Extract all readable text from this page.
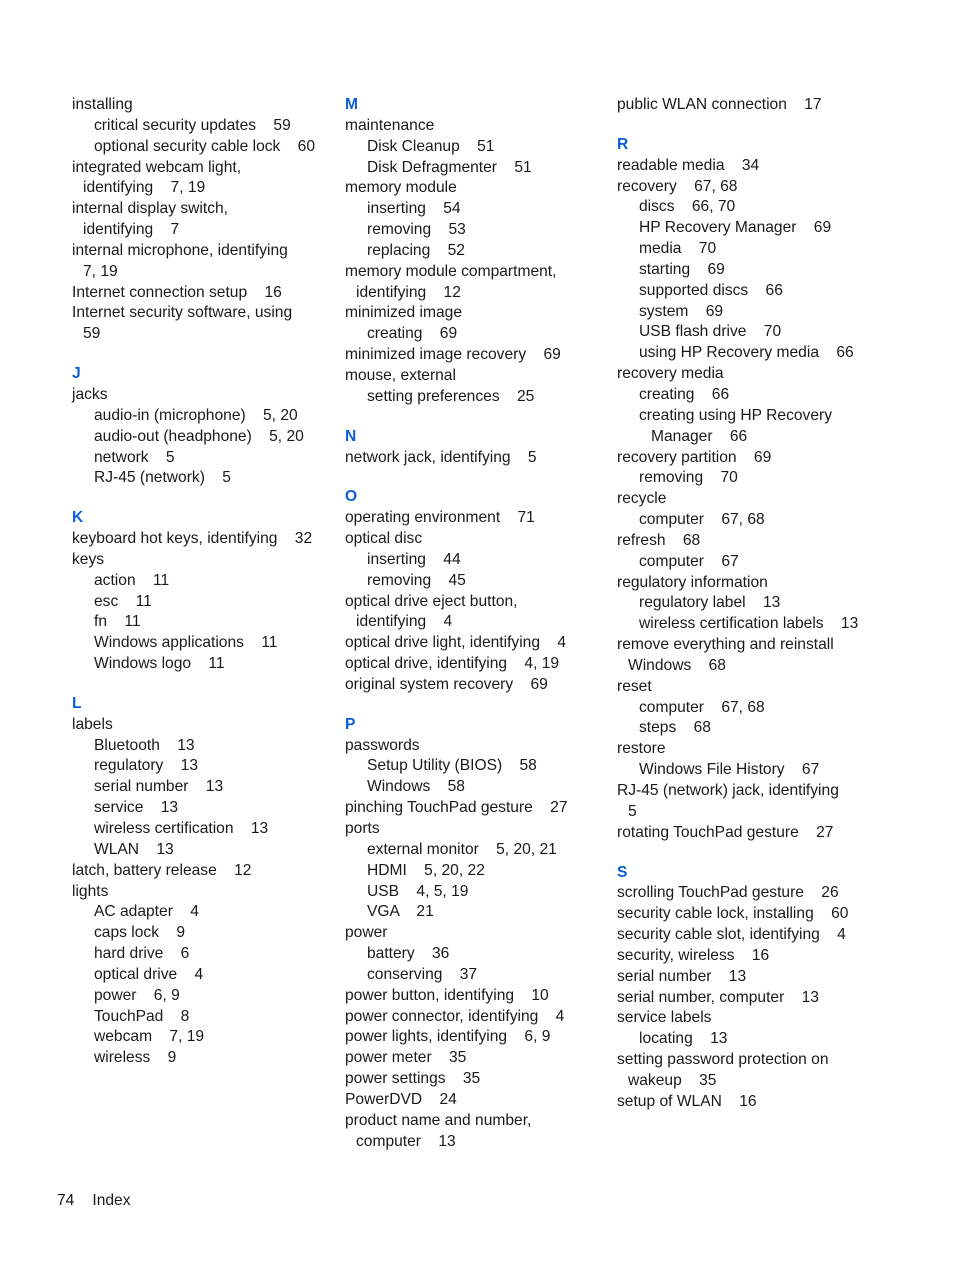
installing
critical security updates    59
optional security cable lock    60
integrated webcam light,
identifying    7, 19
internal display switch,
identifying    7
internal microphone, identifying
7, 19
Internet connection setup    16
Internet security software, using
59
J
jacks
audio-in (microphone)    5, 20
audio-out (headphone)    5, 20
network    5
RJ-45 (network)    5
K
keyboard hot keys, identifying    32
keys
action    11
esc    11
fn    11
Windows applications    11
Windows logo    11
L
labels
Bluetooth    13
regulatory    13
serial number    13
service    13
wireless certification    13
WLAN    13
latch, battery release    12
lights
AC adapter    4
caps lock    9
hard drive    6
optical drive    4
power    6, 9
TouchPad    8
webcam    7, 19
wireless    9
M
maintenance
Disk Cleanup    51
Disk Defragmenter    51
memory module
inserting    54
removing    53
replacing    52
memory module compartment,
identifying    12
minimized image
creating    69
minimized image recovery    69
mouse, external
setting preferences    25
N
network jack, identifying    5
O
operating environment    71
optical disc
inserting    44
removing    45
optical drive eject button,
identifying    4
optical drive light, identifying    4
optical drive, identifying    4, 19
original system recovery    69
P
passwords
Setup Utility (BIOS)    58
Windows    58
pinching TouchPad gesture    27
ports
external monitor    5, 20, 21
HDMI    5, 20, 22
USB    4, 5, 19
VGA    21
power
battery    36
conserving    37
power button, identifying    10
power connector, identifying    4
power lights, identifying    6, 9
power meter    35
power settings    35
PowerDVD    24
product name and number,
computer    13
public WLAN connection    17
R
readable media    34
recovery    67, 68
discs    66, 70
HP Recovery Manager    69
media    70
starting    69
supported discs    66
system    69
USB flash drive    70
using HP Recovery media    66
recovery media
creating    66
creating using HP Recovery
Manager    66
recovery partition    69
removing    70
recycle
computer    67, 68
refresh    68
computer    67
regulatory information
regulatory label    13
wireless certification labels    13
remove everything and reinstall
Windows    68
reset
computer    67, 68
steps    68
restore
Windows File History    67
RJ-45 (network) jack, identifying
5
rotating TouchPad gesture    27
S
scrolling TouchPad gesture    26
security cable lock, installing    60
security cable slot, identifying    4
security, wireless    16
serial number    13
serial number, computer    13
service labels
locating    13
setting password protection on
wakeup    35
setup of WLAN    16
74 Index
